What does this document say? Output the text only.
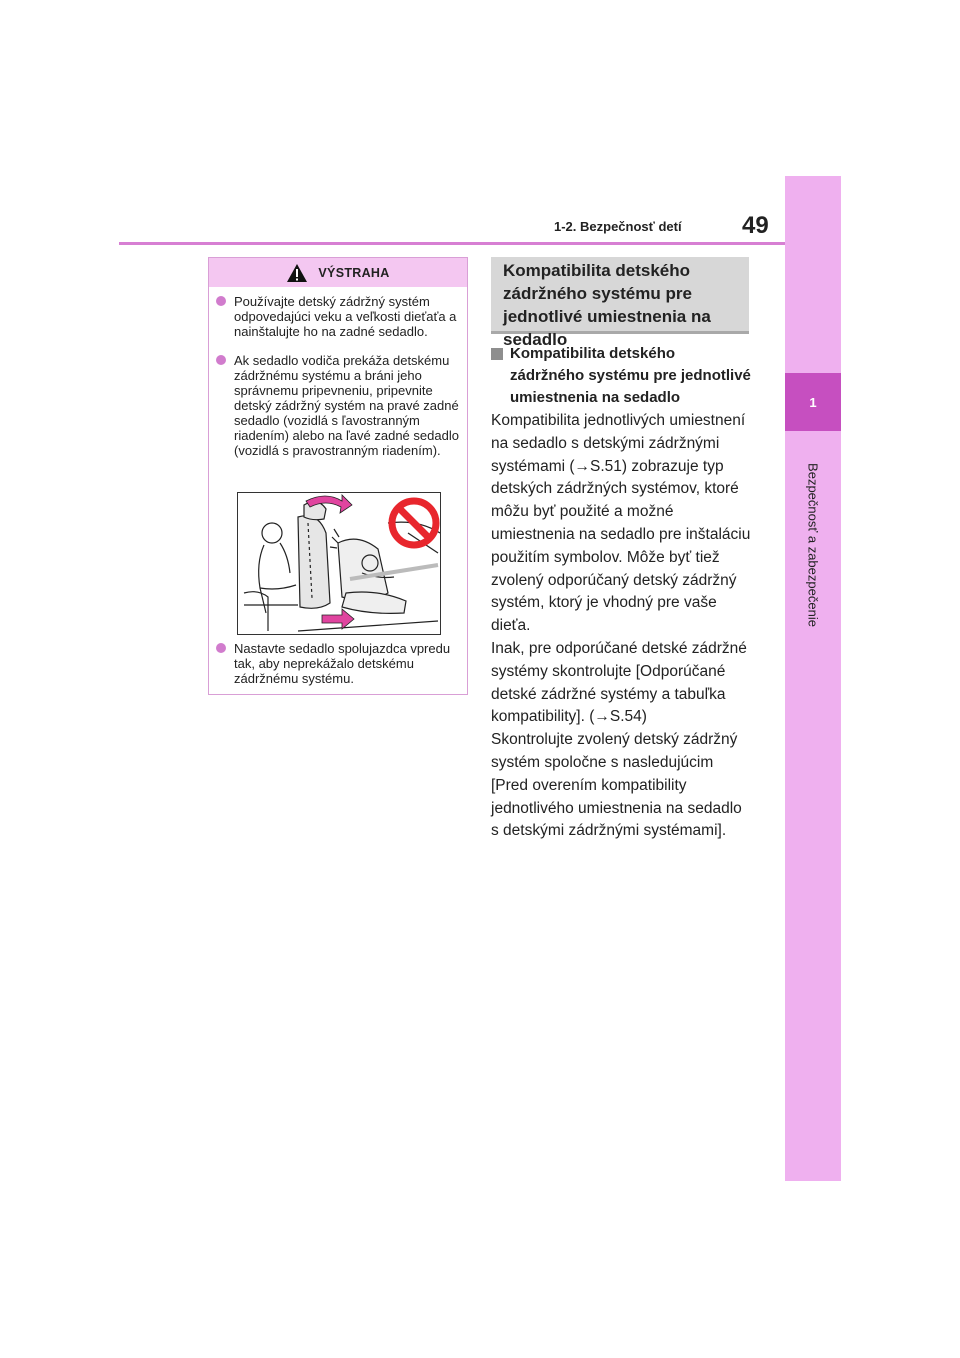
1
Bezpečnosť a zabezpečenie
1-2. Bezpečnosť detí	49
VÝSTRAHA
Používajte detský zádržný systém odpovedajúci veku a veľkosti dieťaťa a nainštalujte ho na zadné sedadlo.
Ak sedadlo vodiča prekáža detskému zádržnému systému a bráni jeho správnemu pripevneniu, pripevnite detský zádržný systém na pravé zadné sedadlo (vozidlá s ľavostranným riadením) alebo na ľavé zadné sedadlo (vozidlá s pravostranným riadením).
Nastavte sedadlo spolujazdca vpredu tak, aby neprekážalo detskému zádržnému systému.
Kompatibilita detského zádržného systému pre jednotlivé umiestnenia na sedadlo
Kompatibilita detského zádržného systému pre jednotlivé umiestnenia na sedadlo

Kompatibilita jednotlivých umiestnení na sedadlo s detskými zádržnými systémami (→S.51) zobrazuje typ detských zádržných systémov, ktoré môžu byť použité a možné umiestnenia na sedadlo pre inštaláciu použitím symbolov. Môže byť tiež zvolený odporúčaný detský zádržný systém, ktorý je vhodný pre vaše dieťa.

Inak, pre odporúčané detské zádržné systémy skontrolujte [Odporúčané detské zádržné systémy a tabuľka kompatibility]. (→S.54)

Skontrolujte zvolený detský zádržný systém spoločne s nasledujúcim [Pred overením kompatibility jednotlivého umiestnenia na sedadlo s detskými zádržnými systémami].
